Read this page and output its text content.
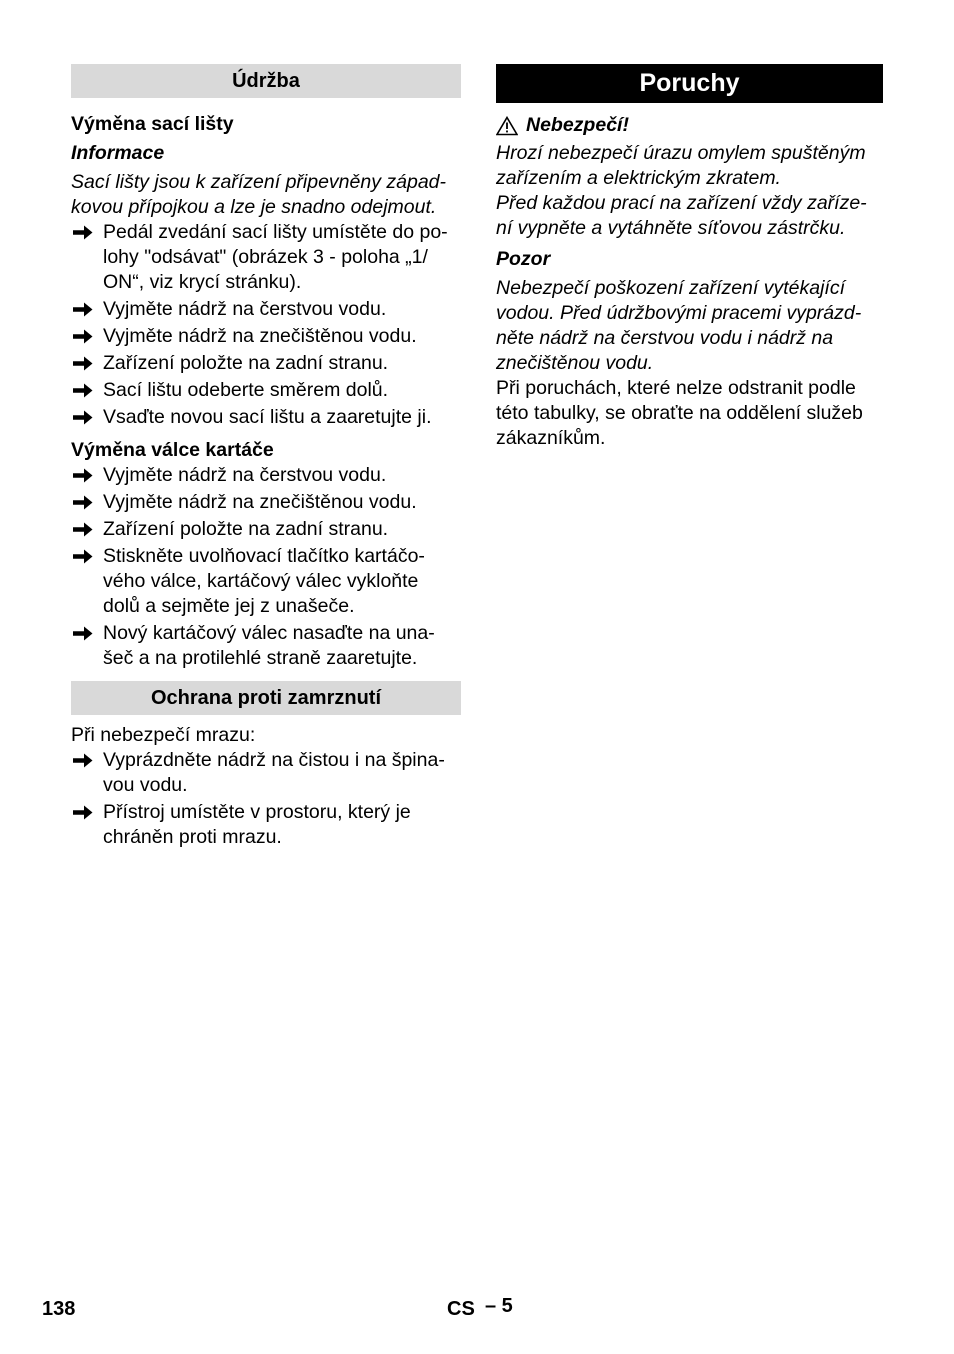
Údržba

Výměna sací lišty

Informace

Sací lišty jsou k zařízení připevněny západ-

kovou přípojkou a lze je snadno odejmout.

Pedál zvedání sací lišty umístěte do po-
lohy "odsávat" (obrázek 3 - poloha „1/
ON“, viz krycí stránku).
Vyjměte nádrž na čerstvou vodu.
Vyjměte nádrž na znečištěnou vodu.
Zařízení položte na zadní stranu.
Sací lištu odeberte směrem dolů.
Vsaďte novou sací lištu a zaaretujte ji.

Výměna válce kartáče

Vyjměte nádrž na čerstvou vodu.
Vyjměte nádrž na znečištěnou vodu.
Zařízení položte na zadní stranu.
Stiskněte uvolňovací tlačítko kartáčo-
vého válce, kartáčový válec vykloňte
dolů a sejměte jej z unašeče.
Nový kartáčový válec nasaďte na una-
šeč a na protilehlé straně zaaretujte.
Ochrana proti zamrznutí

Při nebezpečí mrazu:

Vyprázdněte nádrž na čistou i na špina-
vou vodu.
Přístroj umístěte v prostoru, který je
chráněn proti mrazu.
Poruchy
Nebezpečí!

Hrozí nebezpečí úrazu omylem spuštěným

zařízením a elektrickým zkratem.

Před každou prací na zařízení vždy zaříze-

ní vypněte a vytáhněte síťovou zástrčku.

Pozor

Nebezpečí poškození zařízení vytékající

vodou. Před údržbovými pracemi vyprázd-

něte nádrž na čerstvou vodu i nádrž na

znečištěnou vodu.

Při poruchách, které nelze odstranit podle

této tabulky, se obraťte na oddělení služeb

zákazníkům.

138	CS – 5
